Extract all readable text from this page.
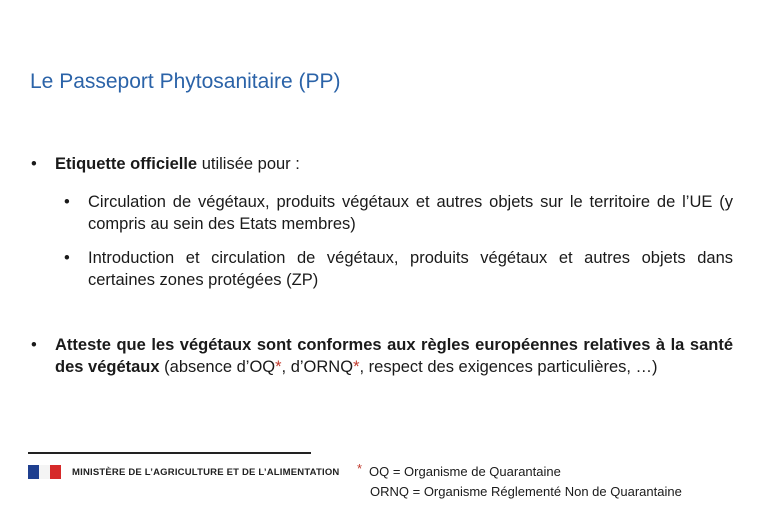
Le Passeport Phytosanitaire (PP)
• Etiquette officielle utilisée pour :
• Circulation de végétaux, produits végétaux et autres objets sur le territoire de l’UE (y compris au sein des Etats membres)
• Introduction et circulation de végétaux, produits végétaux et autres objets dans certaines zones protégées (ZP)
• Atteste que les végétaux sont conformes aux règles européennes relatives à la santé des végétaux (absence d’OQ*, d’ORNQ*, respect des exigences particulières, …)
MINISTÈRE DE L’AGRICULTURE ET DE L’ALIMENTATION * OQ = Organisme de Quarantaine
ORNQ = Organisme Réglementé Non de Quarantaine
